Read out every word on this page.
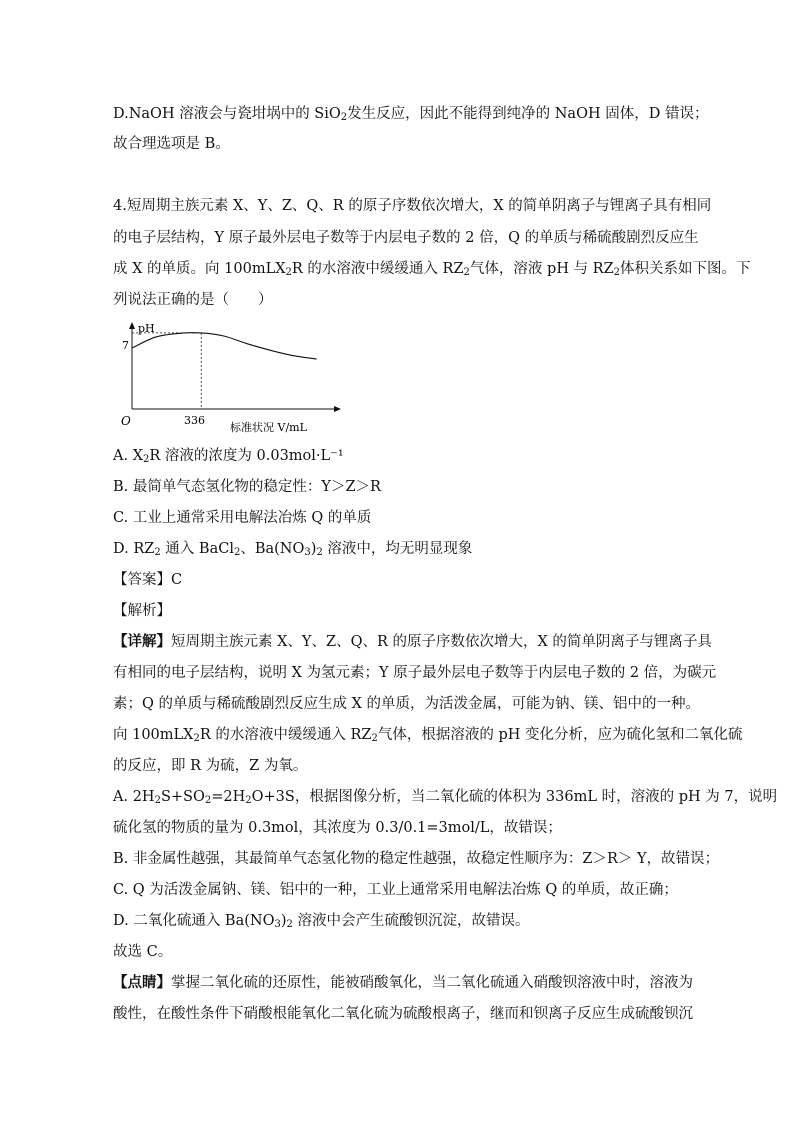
D.NaOH 溶液会与瓷坩埚中的 SiO$_2$发生反应，因此不能得到纯净的 NaOH 固体，D 错误；
故合理选项是 B。
4.短周期主族元素 X、Y、Z、Q、R 的原子序数依次增大，X 的简单阴离子与锂离子具有相同
的电子层结构，Y 原子最外层电子数等于内层电子数的 2 倍，Q 的单质与稀硫酸剧烈反应生
成 X 的单质。向 100mLX$_2$R 的水溶液中缓缓通入 $RZ_2$气体，溶液 pH 与 $RZ_2$体积关系如下图。下
列说法正确的是（　　）
pH
7
336
O	标准状况 V/mL
A. $X_2R$ 溶液的浓度为 0.03mol·L⁻¹
B. 最简单气态氢化物的稳定性：Y＞Z＞R
C. 工业上通常采用电解法冶炼 Q 的单质
D. $RZ_2$ 通入 BaCl$_2$、$Ba(NO_3)_2$ 溶液中，均无明显现象
【答案】C
【解析】
【详解】短周期主族元素 X、Y、Z、Q、R 的原子序数依次增大，X 的简单阴离子与锂离子具
有相同的电子层结构，说明 X 为氢元素；Y 原子最外层电子数等于内层电子数的 2 倍，为碳元
素；Q 的单质与稀硫酸剧烈反应生成 X 的单质，为活泼金属，可能为钠、镁、铝中的一种。
向 100mLX$_2$R 的水溶液中缓缓通入 $RZ_2$气体，根据溶液的 pH 变化分析，应为硫化氢和二氧化硫
的反应，即 R 为硫，Z 为氧。
A. $2H_2S+SO_2=2H_2O+3S$，根据图像分析，当二氧化硫的体积为 336mL 时，溶液的 pH 为 7，说明
硫化氢的物质的量为 0.3mol，其浓度为 0.3/0.1=3mol/L，故错误；
B. 非金属性越强，其最简单气态氢化物的稳定性越强，故稳定性顺序为：Z＞R＞ Y，故错误；
C. Q 为活泼金属钠、镁、铝中的一种，工业上通常采用电解法冶炼 Q 的单质，故正确；
D. 二氧化硫通入 $Ba(NO_3)_2$ 溶液中会产生硫酸钡沉淀，故错误。
故选 C。
【点睛】掌握二氧化硫的还原性，能被硝酸氧化，当二氧化硫通入硝酸钡溶液中时，溶液为
酸性，在酸性条件下硝酸根能氧化二氧化硫为硫酸根离子，继而和钡离子反应生成硫酸钡沉
